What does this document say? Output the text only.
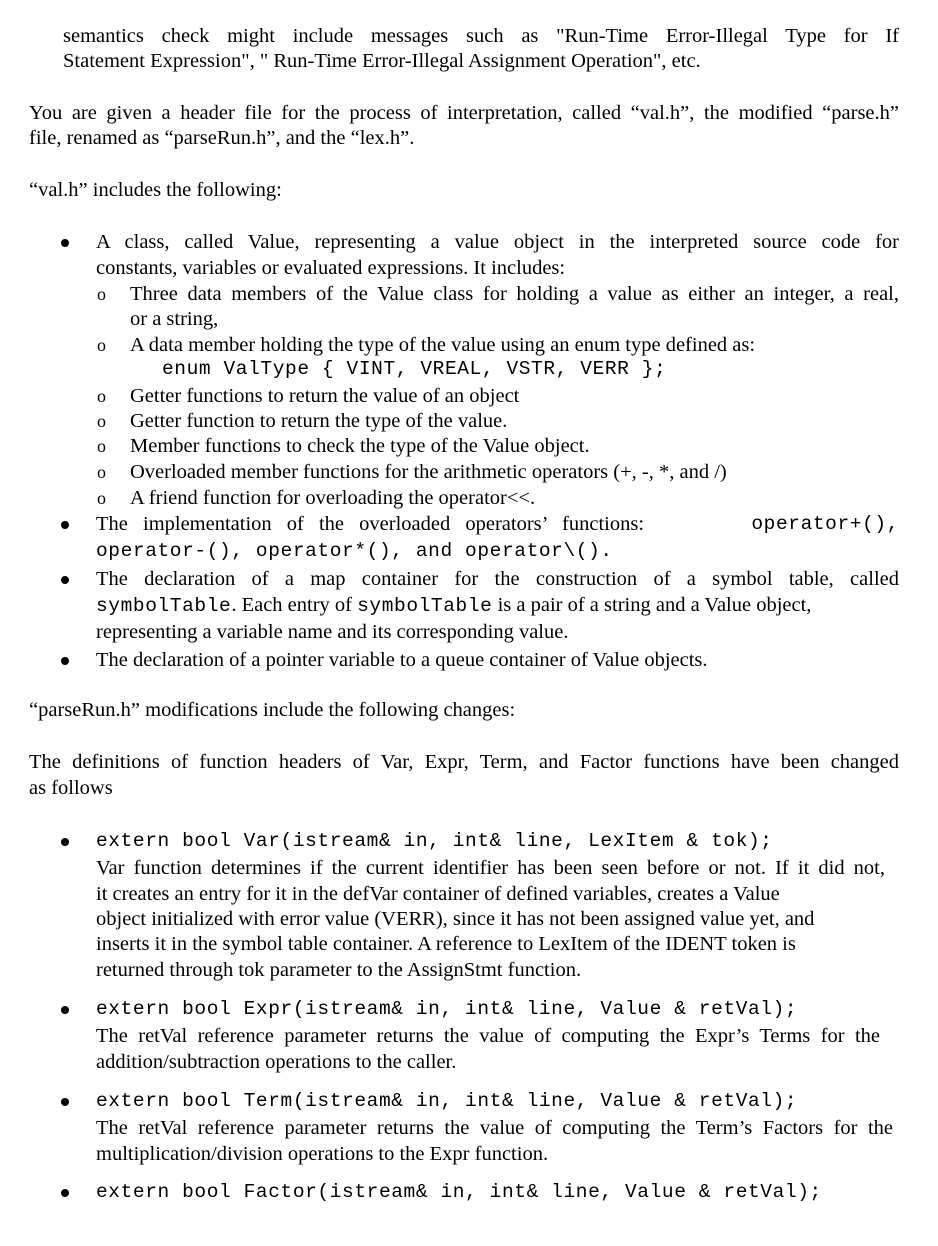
semantics check might include messages such as "Run-Time Error-Illegal Type for If
Statement Expression", " Run-Time Error-Illegal Assignment Operation", etc.
You are given a header file for the process of interpretation, called “val.h”, the modified “parse.h”
file, renamed as “parseRun.h”, and the “lex.h”.
“val.h” includes the following:
A class, called Value, representing a value object in the interpreted source code for
constants, variables or evaluated expressions. It includes:
o Three data members of the Value class for holding a value as either an integer, a real,
or a string,
o A data member holding the type of the value using an enum type defined as:
enum ValType { VINT, VREAL, VSTR, VERR };
o Getter functions to return the value of an object
o Getter function to return the type of the value.
o Member functions to check the type of the Value object.
o Overloaded member functions for the arithmetic operators (+, -, *, and /)
o A friend function for overloading the operator<<.
The implementation of the overloaded operators’ functions:	operator+(),
operator-(), operator*(), and operator\().
The declaration of a map container for the construction of a symbol table, called
symbolTable. Each entry of symbolTable is a pair of a string and a Value object,
representing a variable name and its corresponding value.
The declaration of a pointer variable to a queue container of Value objects.
“parseRun.h” modifications include the following changes:
The definitions of function headers of Var, Expr, Term, and Factor functions have been changed
as follows
extern bool Var(istream& in, int& line, LexItem & tok);
Var function determines if the current identifier has been seen before or not. If it did not,
it creates an entry for it in the defVar container of defined variables, creates a Value
object initialized with error value (VERR), since it has not been assigned value yet, and
inserts it in the symbol table container. A reference to LexItem of the IDENT token is
returned through tok parameter to the AssignStmt function.
extern bool Expr(istream& in, int& line, Value & retVal);
The retVal reference parameter returns the value of computing the Expr’s Terms for the
addition/subtraction operations to the caller.
extern bool Term(istream& in, int& line, Value & retVal);
The retVal reference parameter returns the value of computing the Term’s Factors for the
multiplication/division operations to the Expr function.
extern bool Factor(istream& in, int& line, Value & retVal);
